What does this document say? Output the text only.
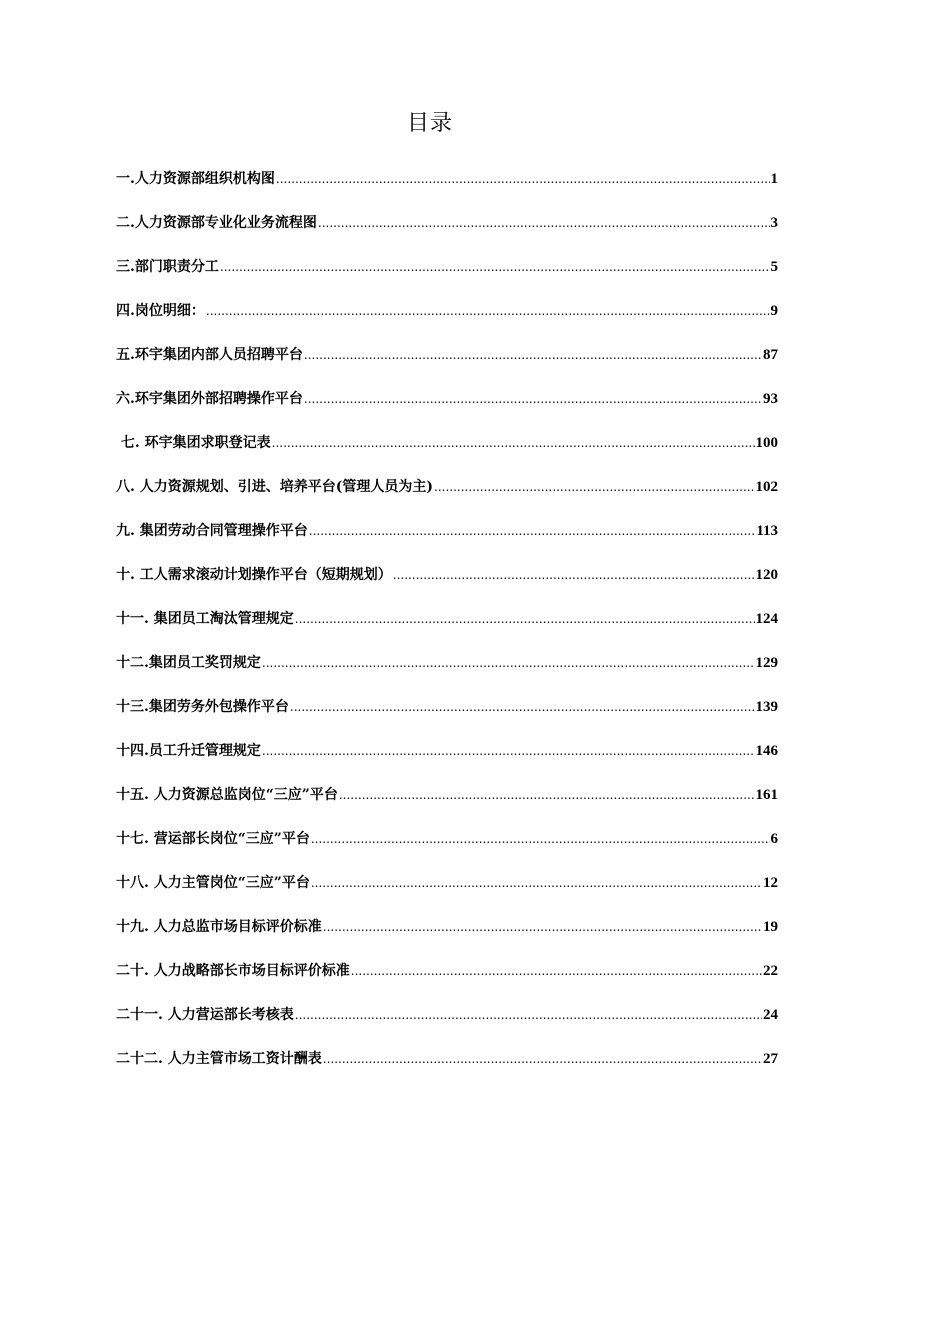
目录
一.人力资源部组织机构图 .....	1
二.人力资源部专业化业务流程图 .....	3
三.部门职责分工 .....	5
四.岗位明细： .....	9
五.环宇集团内部人员招聘平台 .....	87
六.环宇集团外部招聘操作平台 .....	93
七. 环宇集团求职登记表 .....	100
八. 人力资源规划、引进、培养平台(管理人员为主) .....	102
九. 集团劳动合同管理操作平台 .....	113
十. 工人需求滚动计划操作平台（短期规划） .....	120
十一. 集团员工淘汰管理规定 .....	124
十二.集团员工奖罚规定 .....	129
十三.集团劳务外包操作平台 .....	139
十四.员工升迁管理规定 .....	146
十五. 人力资源总监岗位“三应”平台 .....	161
十七. 营运部长岗位“三应”平台 .....	6
十八. 人力主管岗位“三应”平台 .....	12
十九. 人力总监市场目标评价标准 .....	19
二十. 人力战略部长市场目标评价标准 .....	22
二十一. 人力营运部长考核表 .....	24
二十二. 人力主管市场工资计酬表 .....	27
